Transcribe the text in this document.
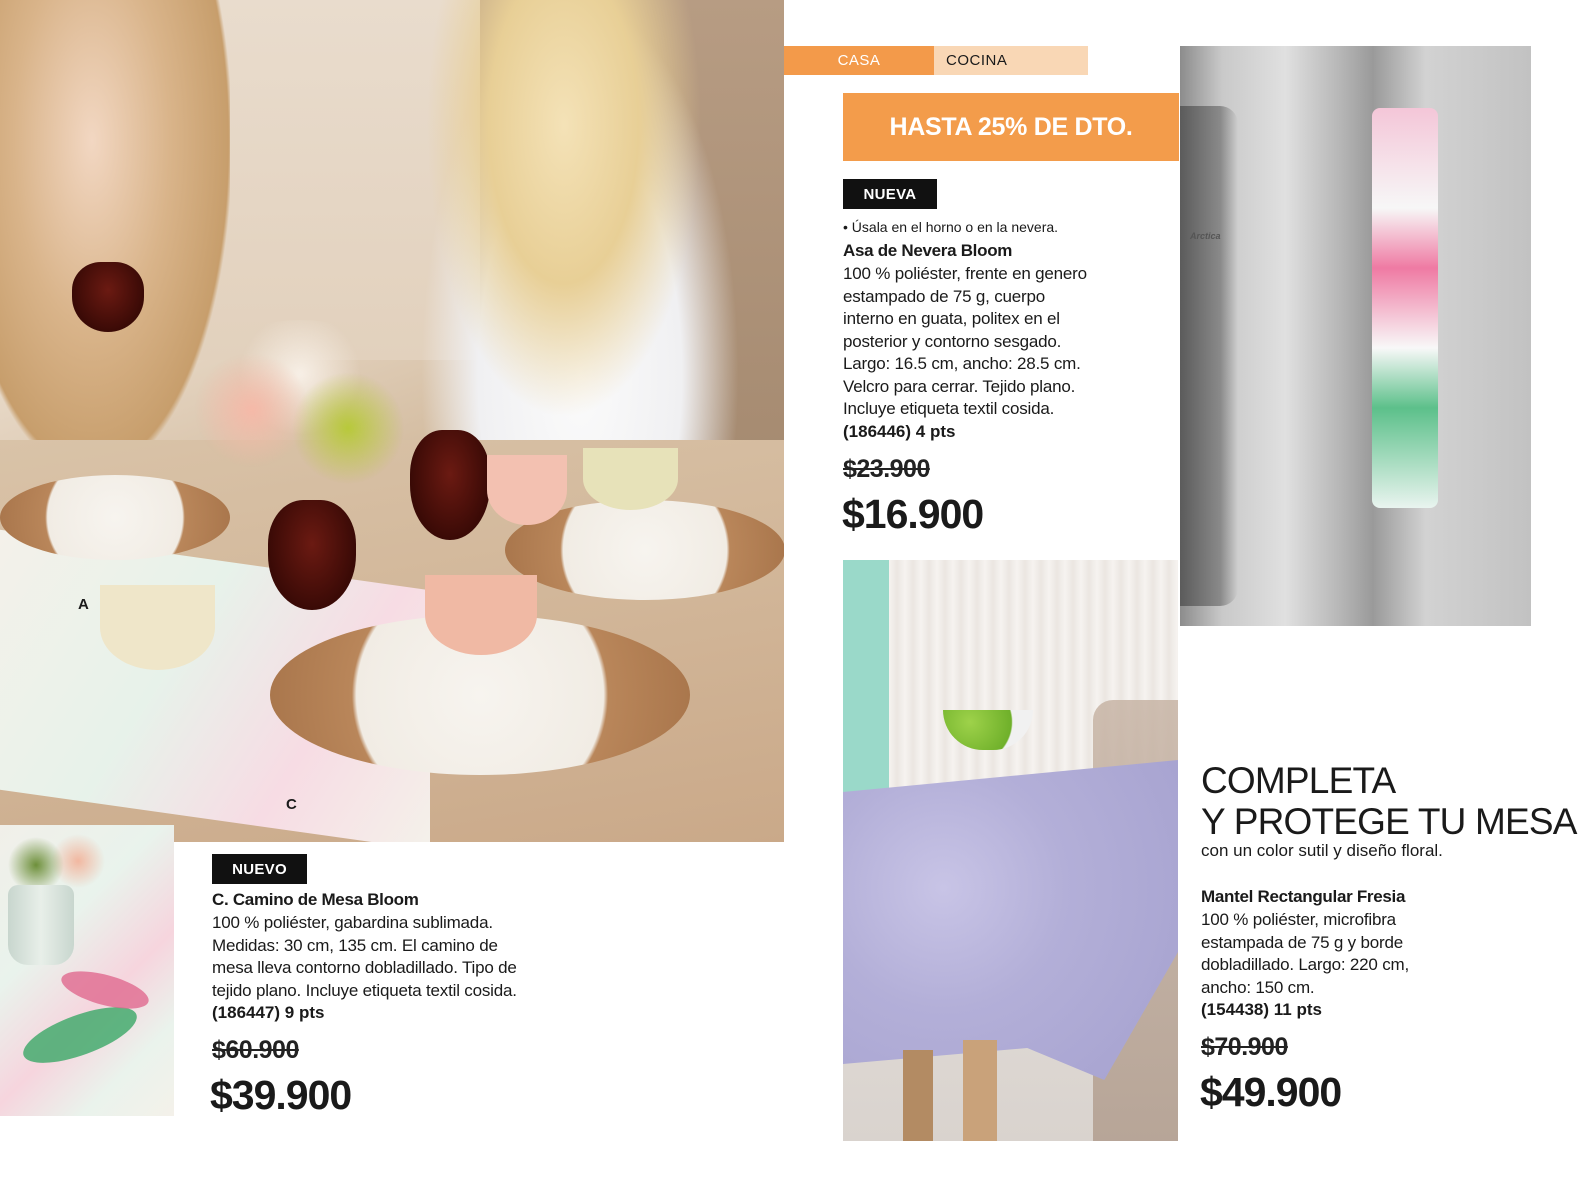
A
C
NUEVO
C. Camino de Mesa Bloom
100 % poliéster, gabardina sublimada.
Medidas: 30 cm, 135 cm. El camino de
mesa lleva contorno dobladillado. Tipo de
tejido plano. Incluye etiqueta textil cosida.
(186447) 9 pts
$60.900
$39.900
CASA	COCINA
HASTA 25% DE DTO.
NUEVA
• Úsala en el horno o en la nevera.
Asa de Nevera Bloom
100 % poliéster, frente en genero
estampado de 75 g, cuerpo
interno en guata, politex en el
posterior y contorno sesgado.
Largo: 16.5 cm, ancho: 28.5 cm.
Velcro para cerrar. Tejido plano.
Incluye etiqueta textil cosida.
(186446) 4 pts
$23.900
$16.900
Arctica
COMPLETA
Y PROTEGE TU MESA
con un color sutil y diseño floral.
Mantel Rectangular Fresia
100 % poliéster, microfibra
estampada de 75 g y borde
dobladillado. Largo: 220 cm,
ancho: 150 cm.
(154438) 11 pts
$70.900
$49.900
